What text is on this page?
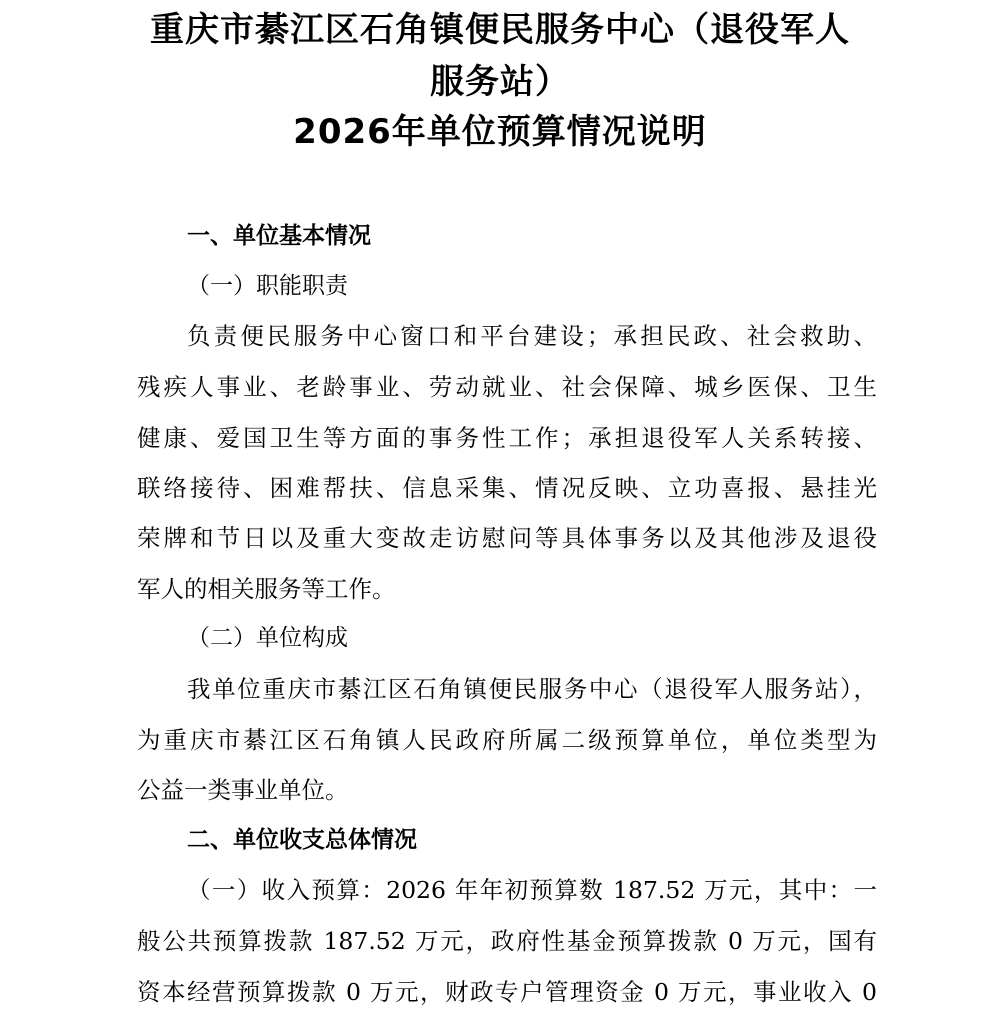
重庆市綦江区石角镇便民服务中心（退役军人
服务站）
2026年单位预算情况说明
一、单位基本情况
（一）职能职责
负责便民服务中心窗口和平台建设；承担民政、社会救助、
残疾人事业、老龄事业、劳动就业、社会保障、城乡医保、卫生
健康、爱国卫生等方面的事务性工作；承担退役军人关系转接、
联络接待、困难帮扶、信息采集、情况反映、立功喜报、悬挂光
荣牌和节日以及重大变故走访慰问等具体事务以及其他涉及退役
军人的相关服务等工作。
（二）单位构成
我单位重庆市綦江区石角镇便民服务中心（退役军人服务站），
为重庆市綦江区石角镇人民政府所属二级预算单位，单位类型为
公益一类事业单位。
二、单位收支总体情况
（一）收入预算：2026 年年初预算数 187.52 万元，其中：一
般公共预算拨款 187.52 万元，政府性基金预算拨款 0 万元，国有
资本经营预算拨款 0 万元，财政专户管理资金 0 万元，事业收入 0
